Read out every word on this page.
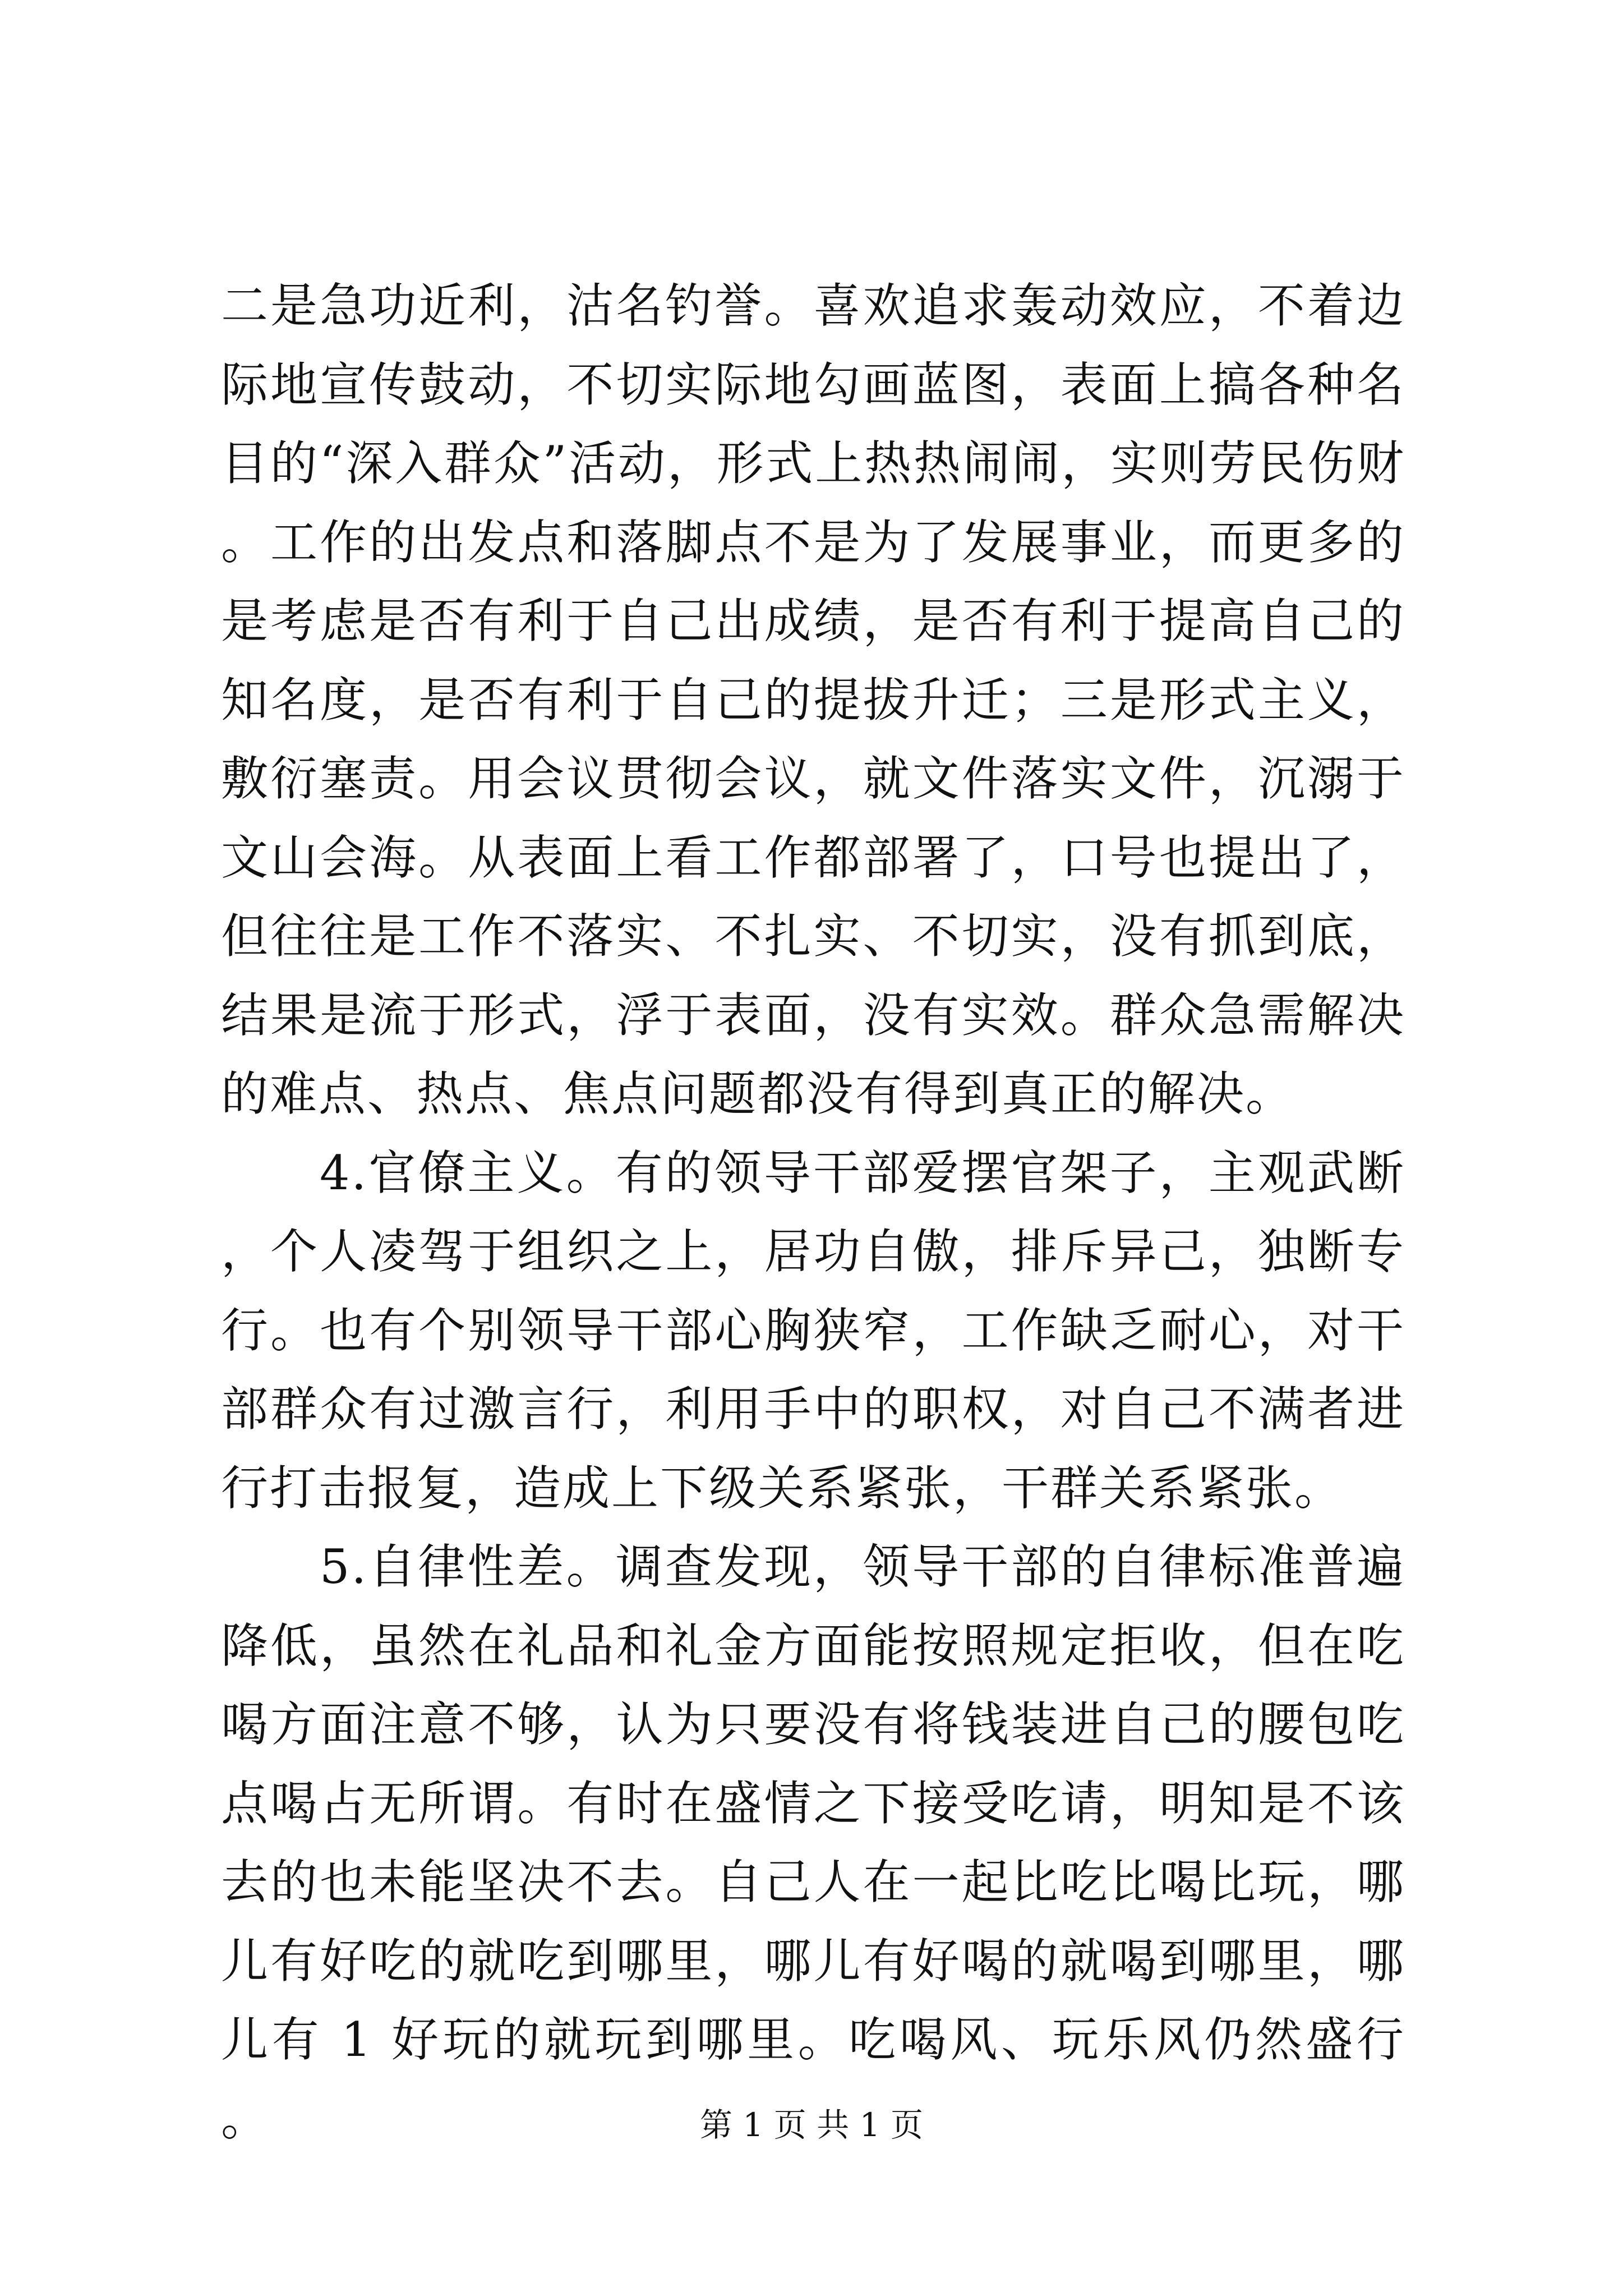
二是急功近利，沽名钓誉。喜欢追求轰动效应，不着边际地宣传鼓动，不切实际地勾画蓝图，表面上搞各种名目的“深入群众”活动，形式上热热闹闹，实则劳民伤财。工作的出发点和落脚点不是为了发展事业，而更多的是考虑是否有利于自己出成绩，是否有利于提高自己的知名度，是否有利于自己的提拔升迁；三是形式主义，敷衍塞责。用会议贯彻会议，就文件落实文件，沉溺于文山会海。从表面上看工作都部署了，口号也提出了，但往往是工作不落实、不扎实、不切实，没有抓到底，结果是流于形式，浮于表面，没有实效。群众急需解决的难点、热点、焦点问题都没有得到真正的解决。

4.官僚主义。有的领导干部爱摆官架子，主观武断，个人凌驾于组织之上，居功自傲，排斥异己，独断专行。也有个别领导干部心胸狭窄，工作缺乏耐心，对干部群众有过激言行，利用手中的职权，对自己不满者进行打击报复，造成上下级关系紧张，干群关系紧张。

5.自律性差。调查发现，领导干部的自律标准普遍降低，虽然在礼品和礼金方面能按照规定拒收，但在吃喝方面注意不够，认为只要没有将钱装进自己的腰包吃点喝占无所谓。有时在盛情之下接受吃请，明知是不该去的也未能坚决不去。自己人在一起比吃比喝比玩，哪儿有好吃的就吃到哪里，哪儿有好喝的就喝到哪里，哪儿有 1 好玩的就玩到哪里。吃喝风、玩乐风仍然盛行。	第 1 页 共 1 页
